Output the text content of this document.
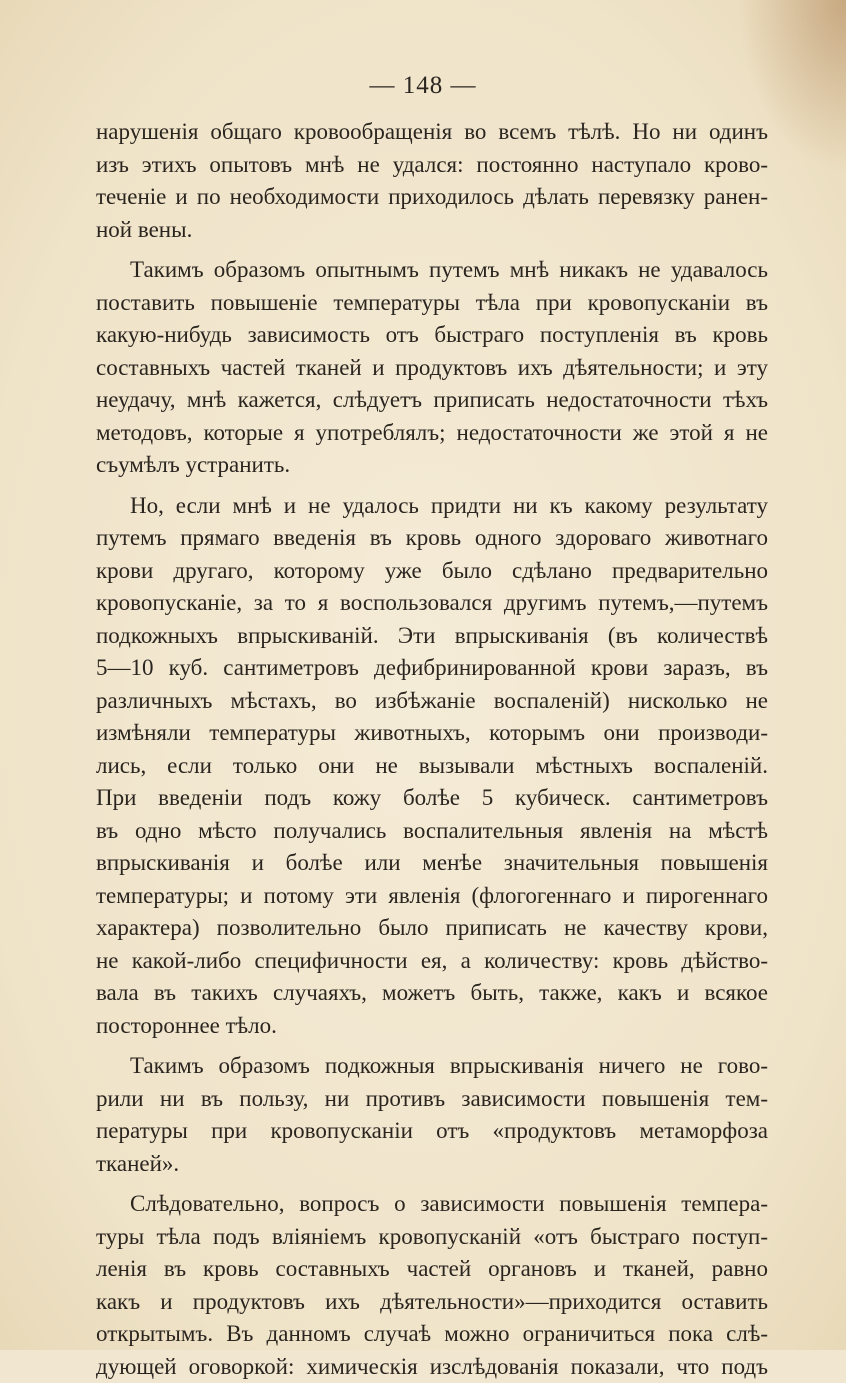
— 148 —
нарушенія общаго кровообращенія во всемъ тѣлѣ. Но ни одинъ
изъ этихъ опытовъ мнѣ не удался: постоянно наступало крово-
теченіе и по необходимости приходилось дѣлать перевязку ранен-
ной вены.
Такимъ образомъ опытнымъ путемъ мнѣ никакъ не удавалось
поставить повышеніе температуры тѣла при кровопусканіи въ
какую-нибудь зависимость отъ быстраго поступленія въ кровь
составныхъ частей тканей и продуктовъ ихъ дѣятельности; и эту
неудачу, мнѣ кажется, слѣдуетъ приписать недостаточности тѣхъ
методовъ, которые я употреблялъ; недостаточности же этой я не
съумѣлъ устранить.
Но, если мнѣ и не удалось придти ни къ какому результату
путемъ прямаго введенія въ кровь одного здороваго животнаго
крови другаго, которому уже было сдѣлано предварительно
кровопусканіе, за то я воспользовался другимъ путемъ,—путемъ
подкожныхъ впрыскиваній. Эти впрыскиванія (въ количествѣ
5—10 куб. сантиметровъ дефибринированной крови заразъ, въ
различныхъ мѣстахъ, во избѣжаніе воспаленій) нисколько не
измѣняли температуры животныхъ, которымъ они производи-
лись, если только они не вызывали мѣстныхъ воспаленій.
При введеніи подъ кожу болѣе 5 кубическ. сантиметровъ
въ одно мѣсто получались воспалительныя явленія на мѣстѣ
впрыскиванія и болѣе или менѣе значительныя повышенія
температуры; и потому эти явленія (флогогеннаго и пирогеннаго
характера) позволительно было приписать не качеству крови,
не какой-либо специфичности ея, а количеству: кровь дѣйство-
вала въ такихъ случаяхъ, можетъ быть, также, какъ и всякое
постороннее тѣло.
Такимъ образомъ подкожныя впрыскиванія ничего не гово-
рили ни въ пользу, ни противъ зависимости повышенія тем-
пературы при кровопусканіи отъ «продуктовъ метаморфоза
тканей».
Слѣдовательно, вопросъ о зависимости повышенія темпера-
туры тѣла подъ вліяніемъ кровопусканій «отъ быстраго поступ-
ленія въ кровь составныхъ частей органовъ и тканей, равно
какъ и продуктовъ ихъ дѣятельности»—приходится оставить
открытымъ. Въ данномъ случаѣ можно ограничиться пока слѣ-
дующей оговоркой: химическія изслѣдованія показали, что подъ
